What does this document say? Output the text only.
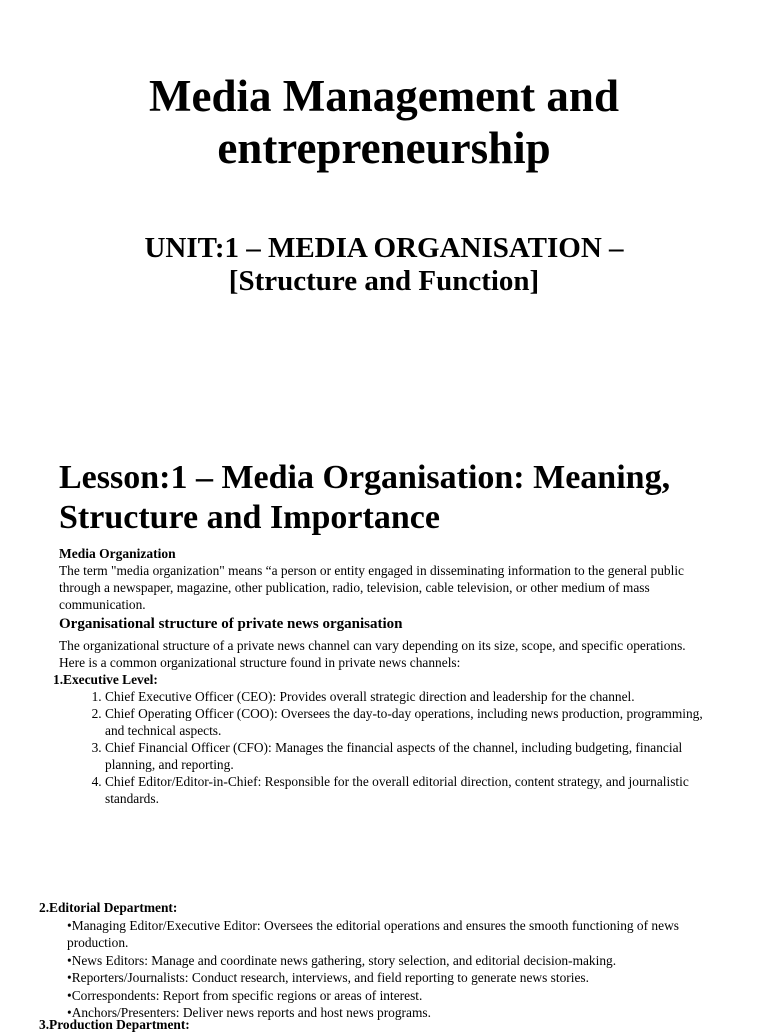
Media Management and
entrepreneurship
UNIT:1 – MEDIA ORGANISATION –
[Structure and Function]
Lesson:1 – Media Organisation: Meaning,
Structure and Importance

Media Organization

The term "media organization" means “a person or entity engaged in disseminating information to the general public through a newspaper, magazine, other publication, radio, television, cable television, or other medium of mass communication.

Organisational structure of private news organisation

The organizational structure of a private news channel can vary depending on its size, scope, and specific operations. Here is a common organizational structure found in private news channels:

1.Executive Level:

1. Chief Executive Officer (CEO): Provides overall strategic direction and leadership for the channel.
2. Chief Operating Officer (COO): Oversees the day-to-day operations, including news production, programming, and technical aspects.
3. Chief Financial Officer (CFO): Manages the financial aspects of the channel, including budgeting, financial planning, and reporting.
4. Chief Editor/Editor-in-Chief: Responsible for the overall editorial direction, content strategy, and journalistic standards.

2.Editorial Department:

•Managing Editor/Executive Editor: Oversees the editorial operations and ensures the smooth functioning of news production.
•News Editors: Manage and coordinate news gathering, story selection, and editorial decision-making.
•Reporters/Journalists: Conduct research, interviews, and field reporting to generate news stories.
•Correspondents: Report from specific regions or areas of interest.
•Anchors/Presenters: Deliver news reports and host news programs.

3.Production Department:
